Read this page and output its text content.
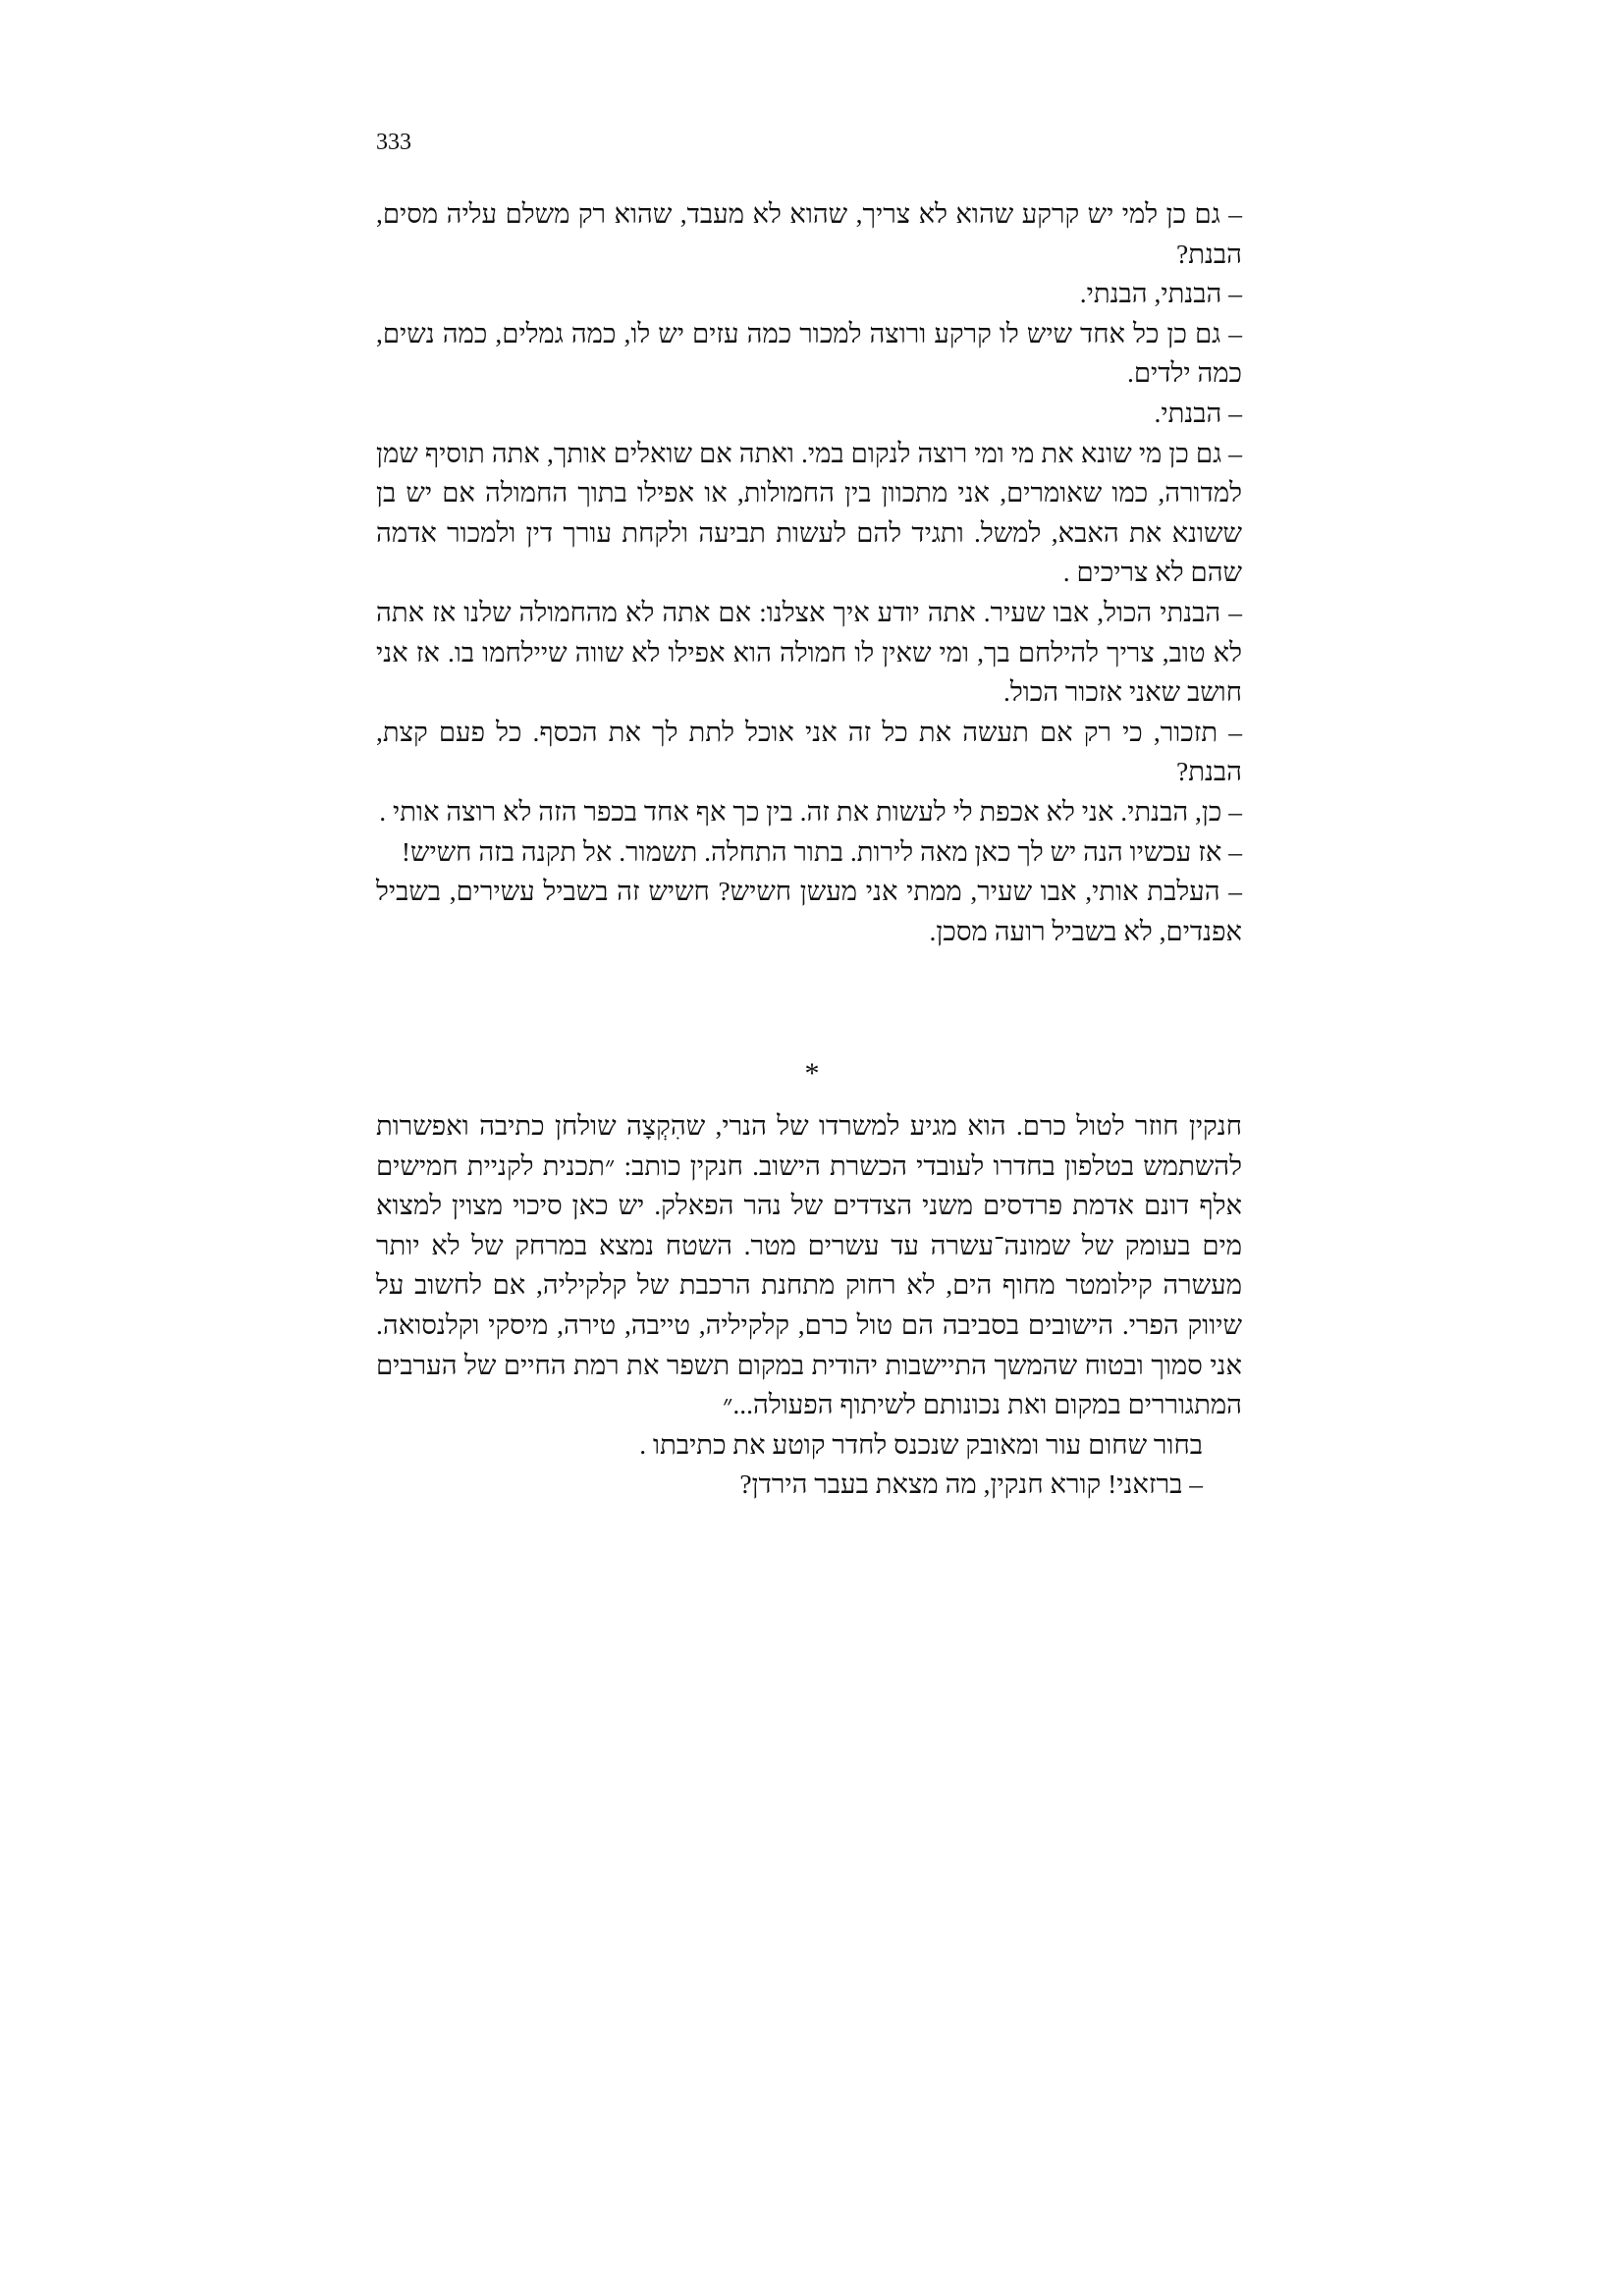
333

– גם כן למי יש קרקע שהוא לא צריך, שהוא לא מעבד, שהוא רק משלם עליה מסים, הבנת?

– הבנתי, הבנתי.

– גם כן כל אחד שיש לו קרקע ורוצה למכור כמה עזים יש לו, כמה גמלים, כמה נשים, כמה ילדים.

– הבנתי.

– גם כן מי שונא את מי ומי רוצה לנקום במי. ואתה אם שואלים אותך, אתה תוסיף שמן למדורה, כמו שאומרים, אני מתכוון בין החמולות, או אפילו בתוך החמולה אם יש בן ששונא את האבא, למשל. ותגיד להם לעשות תביעה ולקחת עורך דין ולמכור אדמה שהם לא צריכים .

– הבנתי הכול, אבו שעיר. אתה יודע איך אצלנו: אם אתה לא מהחמולה שלנו אז אתה לא טוב, צריך להילחם בך, ומי שאין לו חמולה הוא אפילו לא שווה שיילחמו בו. אז אני חושב שאני אזכור הכול.

– תזכור, כי רק אם תעשה את כל זה אני אוכל לתת לך את הכסף. כל פעם קצת, הבנת?

– כן, הבנתי. אני לא אכפת לי לעשות את זה. בין כך אף אחד בכפר הזה לא רוצה אותי .

– אז עכשיו הנה יש לך כאן מאה לירות. בתור התחלה. תשמור. אל תקנה בזה חשיש!

– העלבת אותי, אבו שעיר, ממתי אני מעשן חשיש? חשיש זה בשביל עשירים, בשביל אפנדים, לא בשביל רועה מסכן.

*

חנקין חוזר לטול כרם. הוא מגיע למשרדו של הנרי, שהִקְצָה שולחן כתיבה ואפשרות להשתמש בטלפון בחדרו לעובדי הכשרת הישוב. חנקין כותב: ״תכנית לקניית חמישים אלף דונם אדמת פרדסים משני הצדדים של נהר הפאלק. יש כאן סיכוי מצוין למצוא מים בעומק של שמונה־עשרה עד עשרים מטר. השטח נמצא במרחק של לא יותר מעשרה קילומטר מחוף הים, לא רחוק מתחנת הרכבת של קלקיליה, אם לחשוב על שיווק הפרי. הישובים בסביבה הם טול כרם, קלקיליה, טייבה, טירה, מיסקי וקלנסואה. אני סמוך ובטוח שהמשך התיישבות יהודית במקום תשפר את רמת החיים של הערבים המתגוררים במקום ואת נכונותם לשיתוף הפעולה...״

בחור שחום עור ומאובק שנכנס לחדר קוטע את כתיבתו .

– ברזאני! קורא חנקין, מה מצאת בעבר הירדן?
